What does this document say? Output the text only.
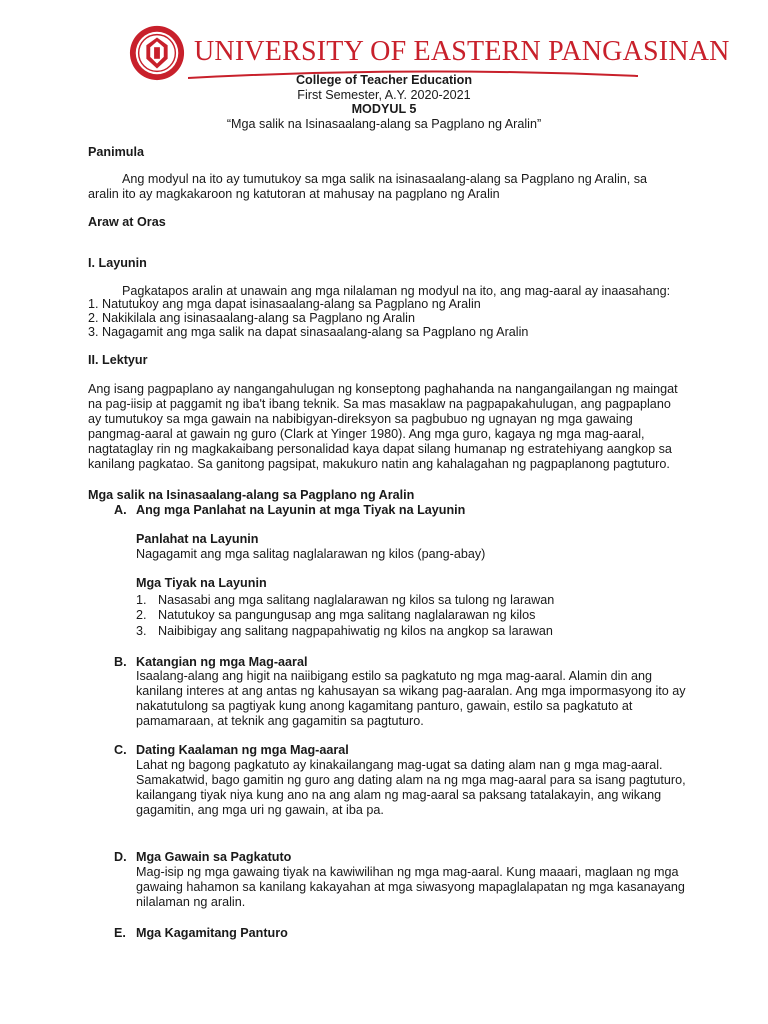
UNIVERSITY OF EASTERN PANGASINAN
College of Teacher Education
First Semester, A.Y. 2020-2021
MODYUL 5
“Mga salik na Isinasaalang-alang sa Pagplano ng Aralin”
Panimula
Ang modyul na ito ay tumutukoy sa mga salik na isinasaalang-alang sa Pagplano ng Aralin, sa
aralin ito ay magkakaroon ng katutoran at mahusay na pagplano ng Aralin
Araw at Oras
I. Layunin
Pagkatapos aralin at unawain ang mga nilalaman ng modyul na ito, ang mag-aaral ay inaasahang:
1. Natutukoy ang mga dapat isinasaalang-alang sa Pagplano ng Aralin
2. Nakikilala ang isinasaalang-alang sa Pagplano ng Aralin
3. Nagagamit ang mga salik na dapat sinasaalang-alang sa Pagplano ng Aralin
II. Lektyur
Ang isang pagpaplano ay nangangahulugan ng konseptong paghahanda na nangangailangan ng maingat
na pag-iisip at paggamit ng iba't ibang teknik. Sa mas masaklaw na pagpapakahulugan, ang pagpaplano
ay tumutukoy sa mga gawain na nabibigyan-direksyon sa pagbubuo ng ugnayan ng mga gawaing
pangmag-aaral at gawain ng guro (Clark at Yinger 1980). Ang mga guro, kagaya ng mga mag-aaral,
nagtataglay rin ng magkakaibang personalidad kaya dapat silang humanap ng estratehiyang aangkop sa
kanilang pagkatao. Sa ganitong pagsipat, makukuro natin ang kahalagahan ng pagpaplanong pagtuturo.
Mga salik na Isinasaalang-alang sa Pagplano ng Aralin
A. Ang mga Panlahat na Layunin at mga Tiyak na Layunin
Panlahat na Layunin
Nagagamit ang mga salitag naglalarawan ng kilos (pang-abay)
Mga Tiyak na Layunin
1. Nasasabi ang mga salitang naglalarawan ng kilos sa tulong ng larawan
2. Natutukoy sa pangungusap ang mga salitang naglalarawan ng kilos
3. Naibibigay ang salitang nagpapahiwatig ng kilos na angkop sa larawan
B. Katangian ng mga Mag-aaral
Isaalang-alang ang higit na naiibigang estilo sa pagkatuto ng mga mag-aaral. Alamin din ang
kanilang interes at ang antas ng kahusayan sa wikang pag-aaralan. Ang mga impormasyong ito ay
nakatutulong sa pagtiyak kung anong kagamitang panturo, gawain, estilo sa pagkatuto at
pamamaraan, at teknik ang gagamitin sa pagtuturo.
C. Dating Kaalaman ng mga Mag-aaral
Lahat ng bagong pagkatuto ay kinakailangang mag-ugat sa dating alam nan g mga mag-aaral.
Samakatwid, bago gamitin ng guro ang dating alam na ng mga mag-aaral para sa isang pagtuturo,
kailangang tiyak niya kung ano na ang alam ng mag-aaral sa paksang tatalakayin, ang wikang
gagamitin, ang mga uri ng gawain, at iba pa.
D. Mga Gawain sa Pagkatuto
Mag-isip ng mga gawaing tiyak na kawiwilihan ng mga mag-aaral. Kung maaari, maglaan ng mga
gawaing hahamon sa kanilang kakayahan at mga siwasyong mapaglalapatan ng mga kasanayang
nilalaman ng aralin.
E. Mga Kagamitang Panturo
